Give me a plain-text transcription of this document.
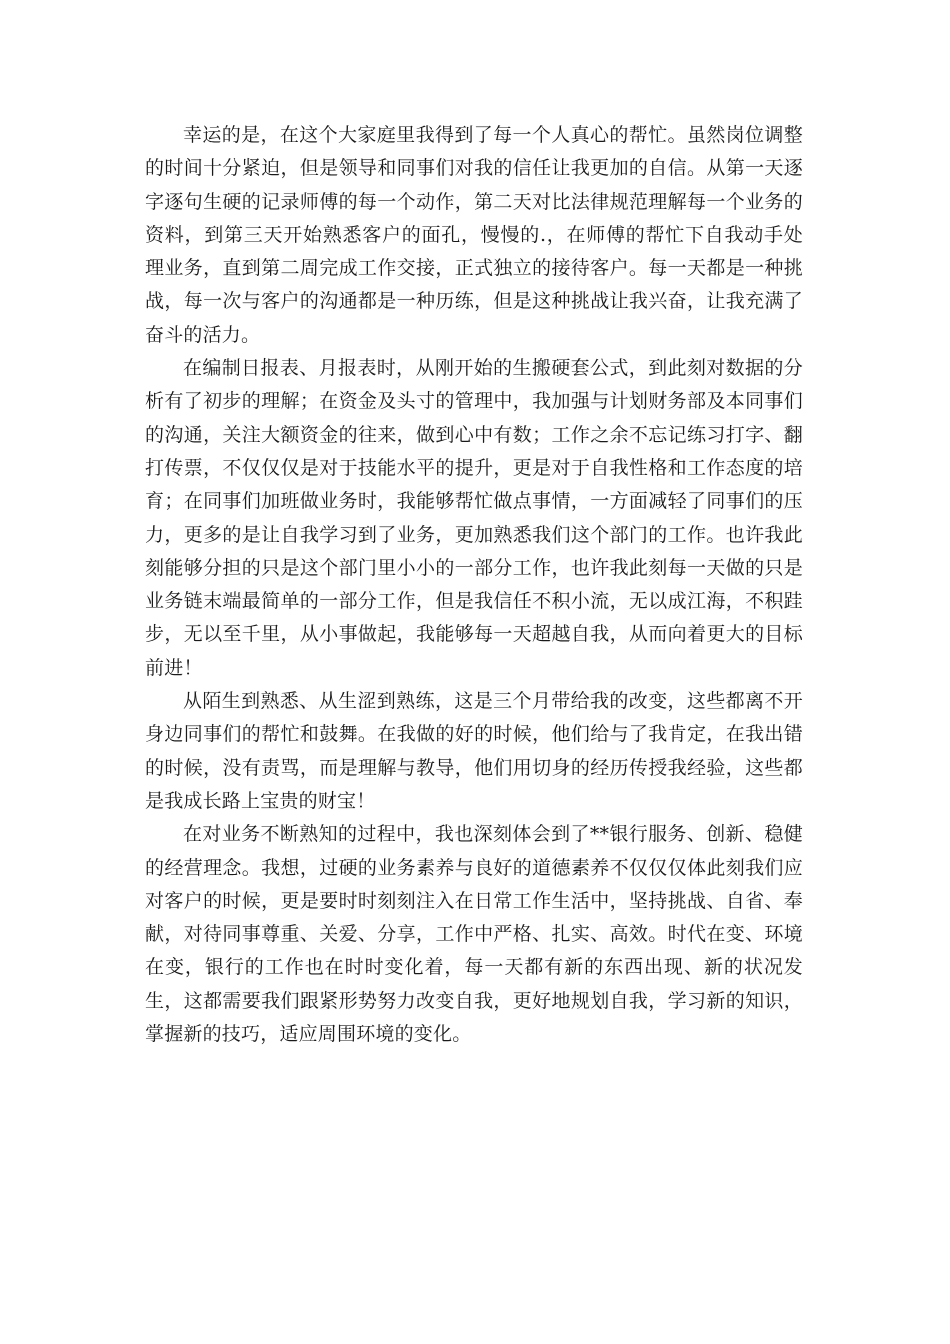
幸运的是，在这个大家庭里我得到了每一个人真心的帮忙。虽然岗位调整的时间十分紧迫，但是领导和同事们对我的信任让我更加的自信。从第一天逐字逐句生硬的记录师傅的每一个动作，第二天对比法律规范理解每一个业务的资料，到第三天开始熟悉客户的面孔，慢慢的.，在师傅的帮忙下自我动手处理业务，直到第二周完成工作交接，正式独立的接待客户。每一天都是一种挑战，每一次与客户的沟通都是一种历练，但是这种挑战让我兴奋，让我充满了奋斗的活力。

在编制日报表、月报表时，从刚开始的生搬硬套公式，到此刻对数据的分析有了初步的理解；在资金及头寸的管理中，我加强与计划财务部及本同事们的沟通，关注大额资金的往来，做到心中有数；工作之余不忘记练习打字、翻打传票，不仅仅仅是对于技能水平的提升，更是对于自我性格和工作态度的培育；在同事们加班做业务时，我能够帮忙做点事情，一方面减轻了同事们的压力，更多的是让自我学习到了业务，更加熟悉我们这个部门的工作。也许我此刻能够分担的只是这个部门里小小的一部分工作，也许我此刻每一天做的只是业务链末端最简单的一部分工作，但是我信任不积小流，无以成江海，不积跬步，无以至千里，从小事做起，我能够每一天超越自我，从而向着更大的目标前进！

从陌生到熟悉、从生涩到熟练，这是三个月带给我的改变，这些都离不开身边同事们的帮忙和鼓舞。在我做的好的时候，他们给与了我肯定，在我出错的时候，没有责骂，而是理解与教导，他们用切身的经历传授我经验，这些都是我成长路上宝贵的财宝！

在对业务不断熟知的过程中，我也深刻体会到了**银行服务、创新、稳健的经营理念。我想，过硬的业务素养与良好的道德素养不仅仅仅体此刻我们应对客户的时候，更是要时时刻刻注入在日常工作生活中，坚持挑战、自省、奉献，对待同事尊重、关爱、分享，工作中严格、扎实、高效。时代在变、环境在变，银行的工作也在时时变化着，每一天都有新的东西出现、新的状况发生，这都需要我们跟紧形势努力改变自我，更好地规划自我，学习新的知识，掌握新的技巧，适应周围环境的变化。
